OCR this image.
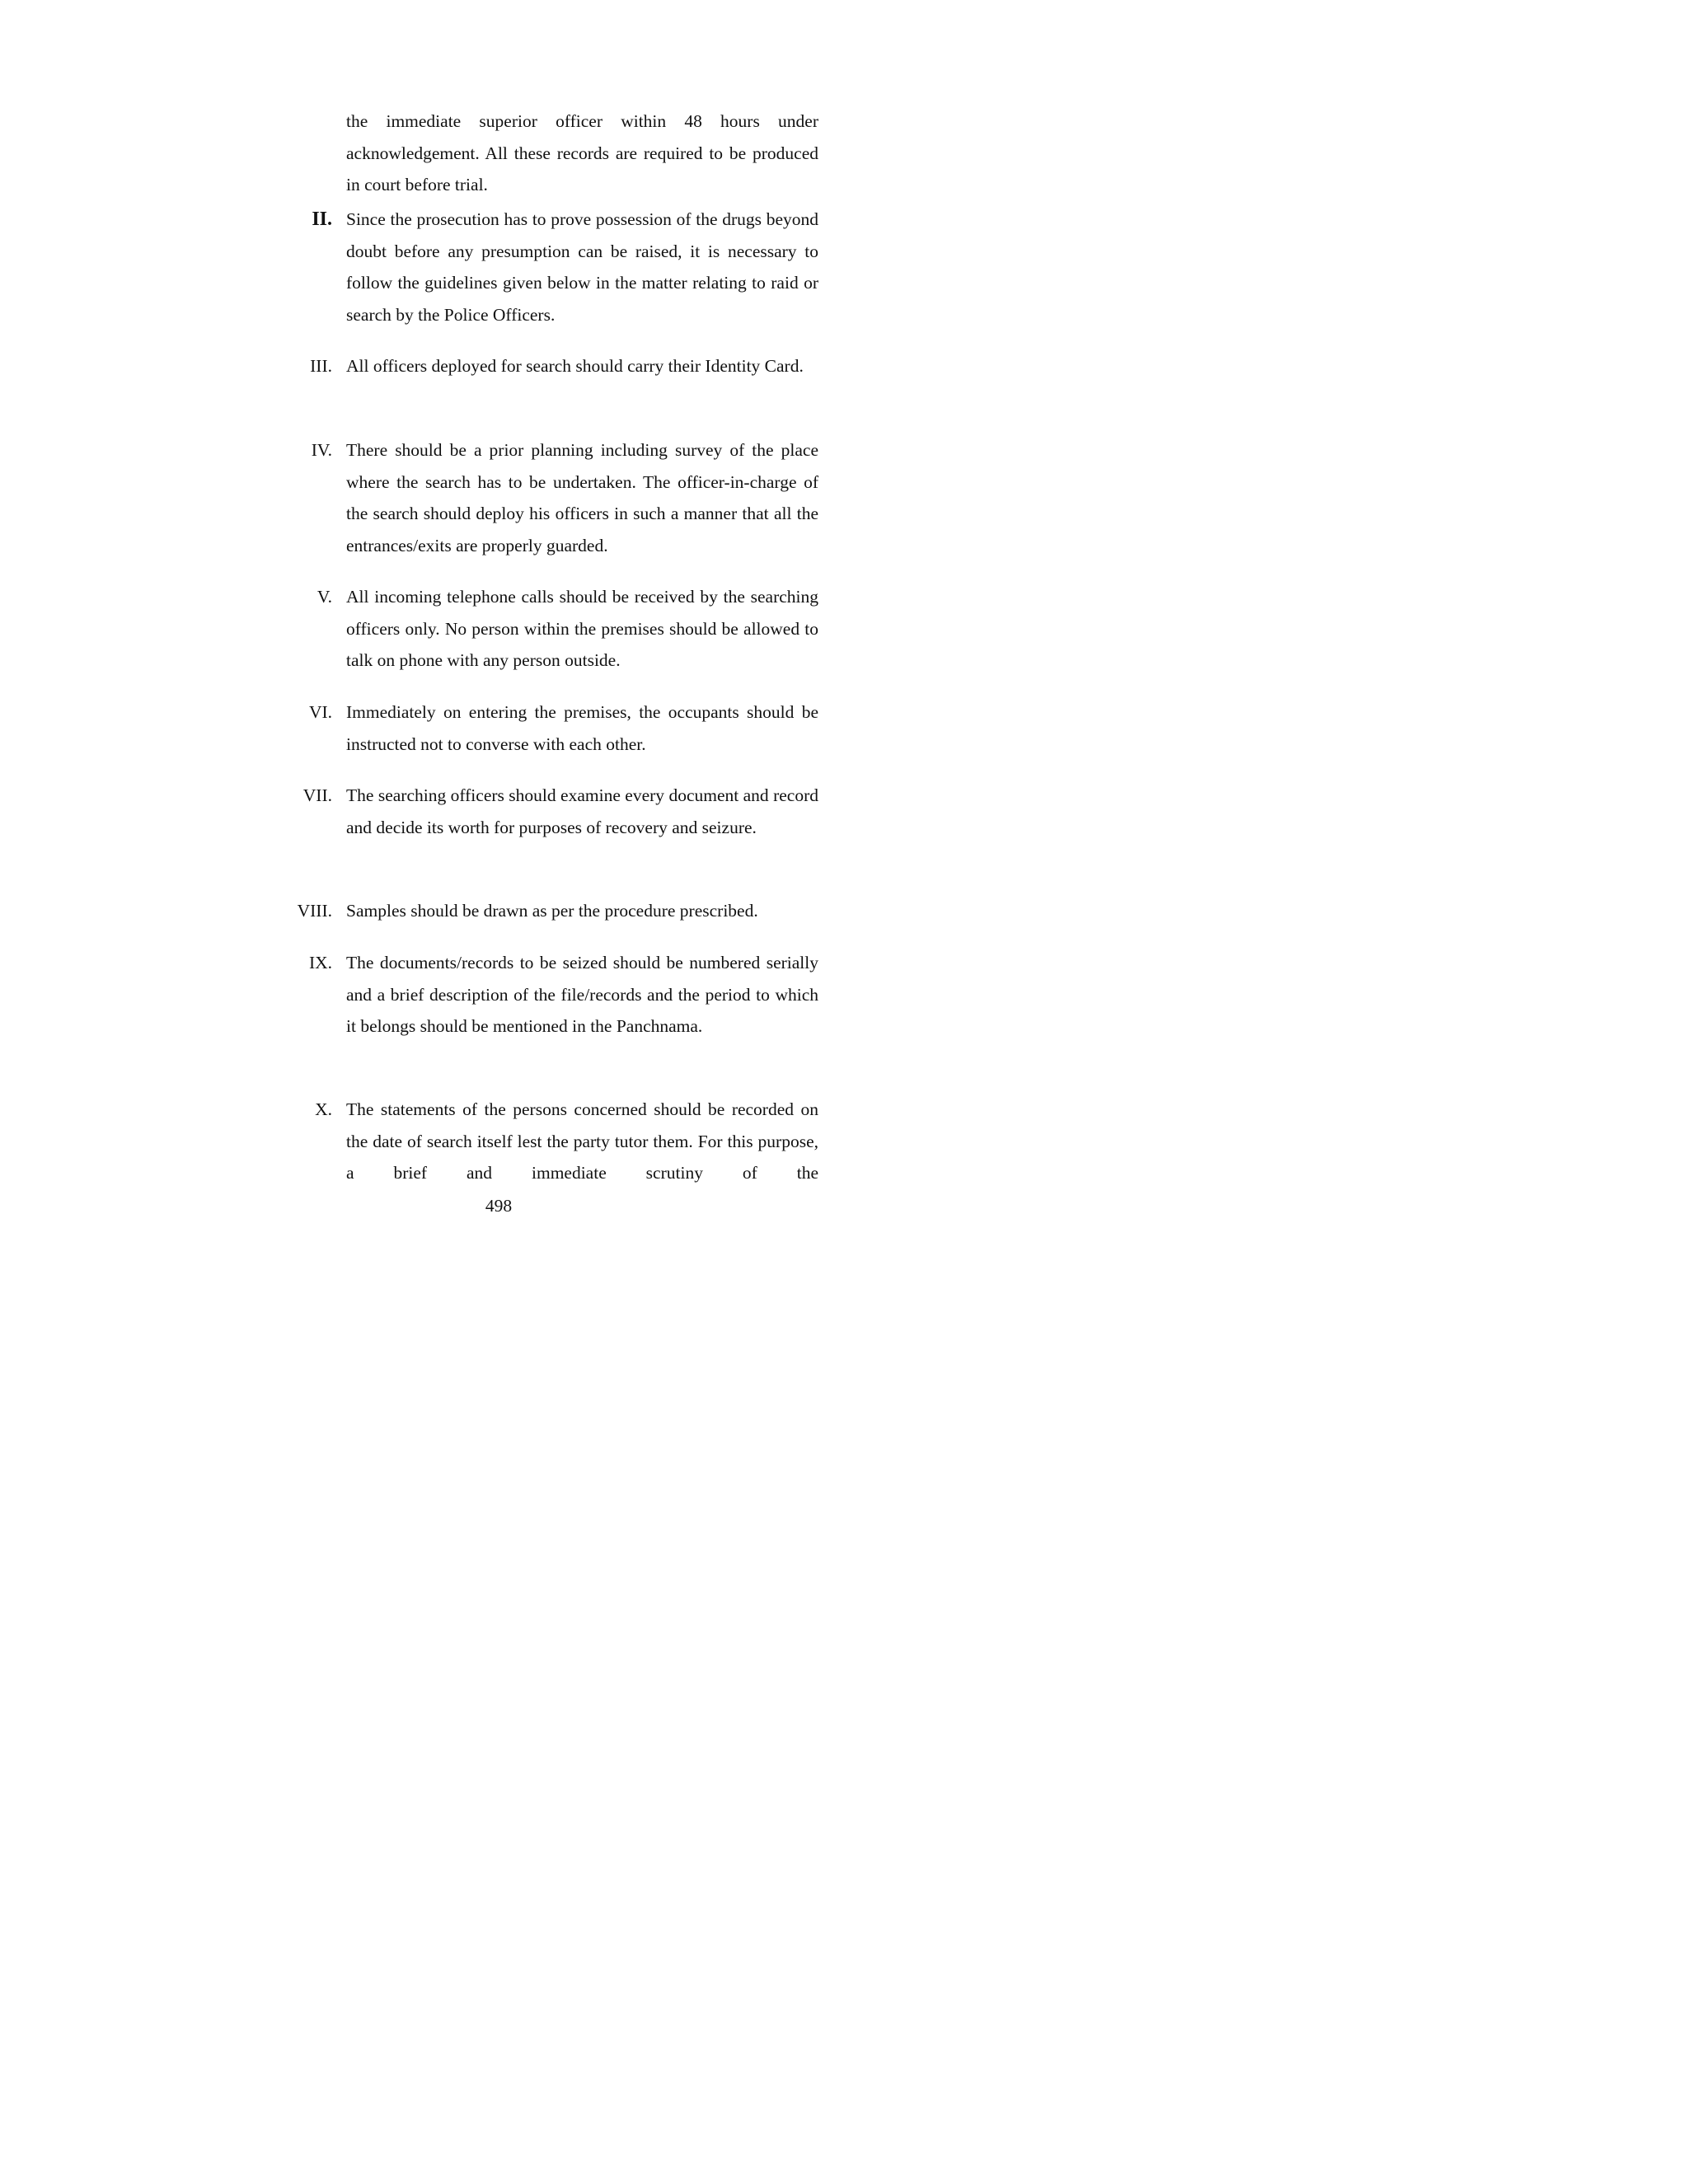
the immediate superior officer within 48 hours under acknowledgement. All these records are required to be produced in court before trial.
II. Since the prosecution has to prove possession of the drugs beyond doubt before any presumption can be raised, it is necessary to follow the guidelines given below in the matter relating to raid or search by the Police Officers.
III. All officers deployed for search should carry their Identity Card.
IV. There should be a prior planning including survey of the place where the search has to be undertaken. The officer-in-charge of the search should deploy his officers in such a manner that all the entrances/exits are properly guarded.
V. All incoming telephone calls should be received by the searching officers only. No person within the premises should be allowed to talk on phone with any person outside.
VI. Immediately on entering the premises, the occupants should be instructed not to converse with each other.
VII. The searching officers should examine every document and record and decide its worth for purposes of recovery and seizure.
VIII. Samples should be drawn as per the procedure prescribed.
IX. The documents/records to be seized should be numbered serially and a brief description of the file/records and the period to which it belongs should be mentioned in the Panchnama.
X. The statements of the persons concerned should be recorded on the date of search itself lest the party tutor them. For this purpose, a brief and immediate scrutiny of the
498
